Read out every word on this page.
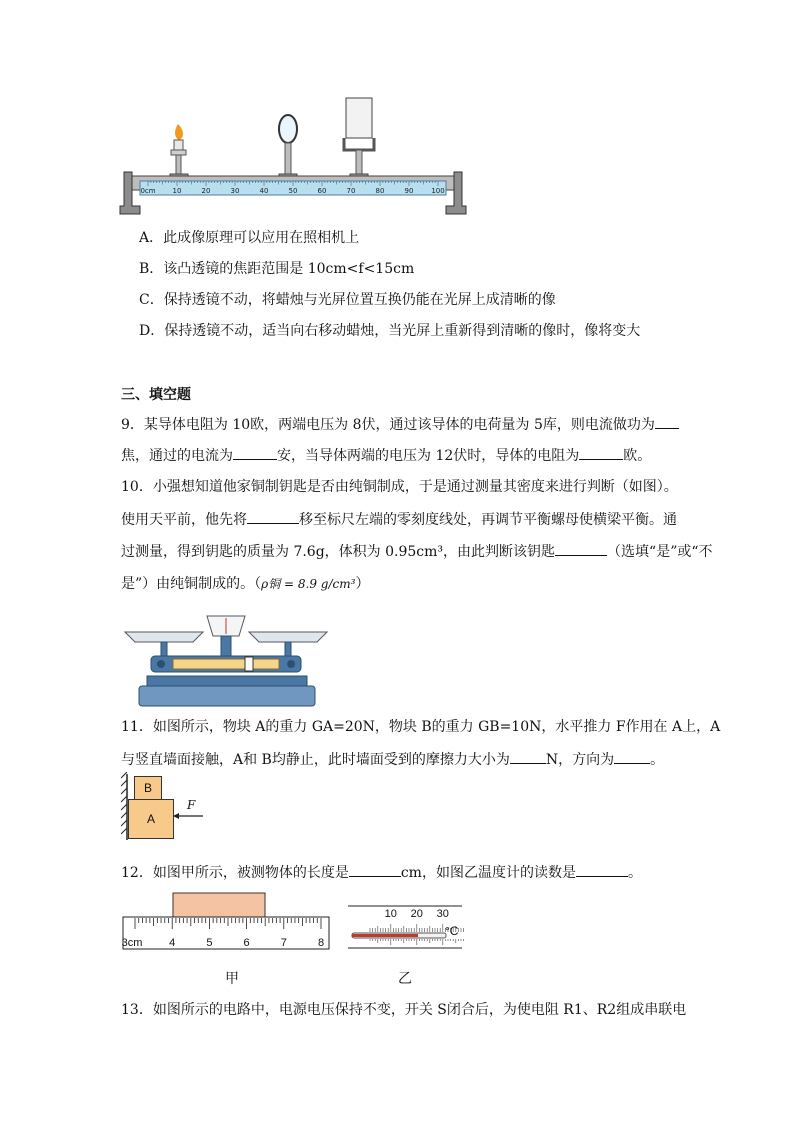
0cm 10	20	30	40	50	60	70	80	90	100
A．此成像原理可以应用在照相机上
B．该凸透镜的焦距范围是 10cm<f<15cm
C．保持透镜不动，将蜡烛与光屏位置互换仍能在光屏上成清晰的像
D．保持透镜不动，适当向右移动蜡烛，当光屏上重新得到清晰的像时，像将变大
三、填空题
9．某导体电阻为 10欧，两端电压为 8伏，通过该导体的电荷量为 5库，则电流做功为
焦，通过的电流为	安，当导体两端的电压为 12伏时，导体的电阻为	欧。
10．小强想知道他家铜制钥匙是否由纯铜制成，于是通过测量其密度来进行判断（如图）。
使用天平前，他先将	移至标尺左端的零刻度线处，再调节平衡螺母使横梁平衡。通
过测量，得到钥匙的质量为 7.6g，体积为 0.95cm³，由此判断该钥匙	（选填“是”或“不
是”）由纯铜制成的。（ρ铜 = 8.9 g/cm³）
11．如图所示，物块 A的重力 GA=20N，物块 B的重力 GB=10N，水平推力 F作用在 A上，A
与竖直墙面接触，A和 B均静止，此时墙面受到的摩擦力大小为	N，方向为	。
B
A
F
12．如图甲所示，被测物体的长度是	cm，如图乙温度计的读数是	。
3cm 4	5	6	7	8
10 20 30
°C
甲	乙
13．如图所示的电路中，电源电压保持不变，开关 S闭合后，为使电阻 R1、R2组成串联电
